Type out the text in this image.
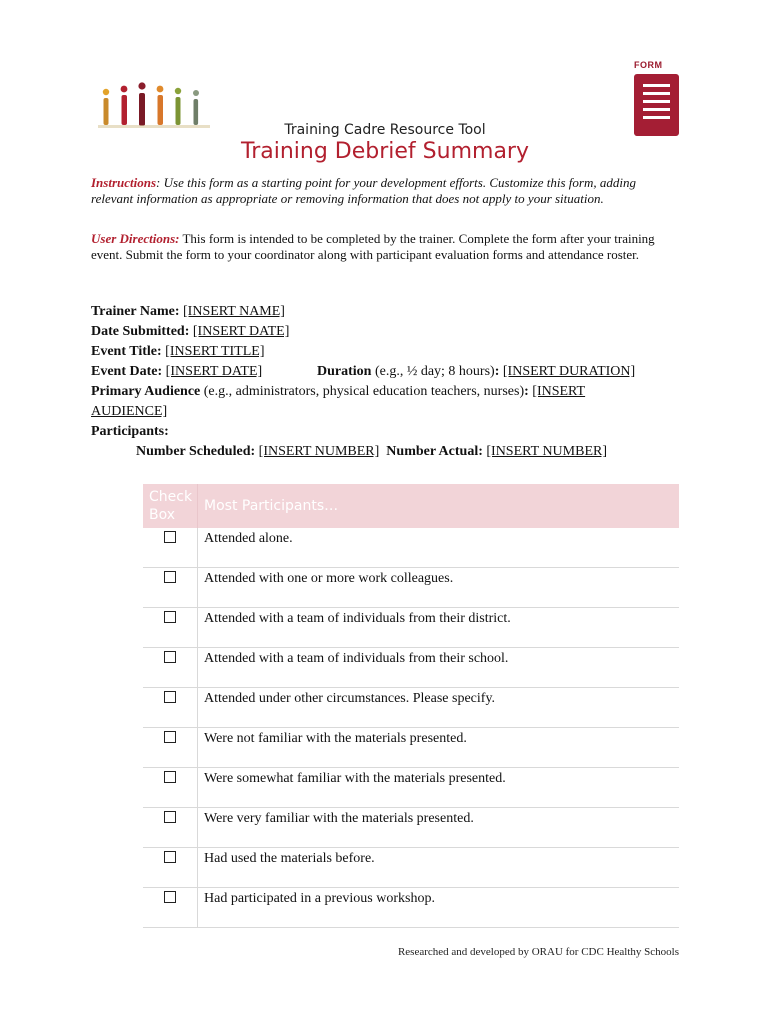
FORM
Training Cadre Resource Tool
Training Debrief Summary
Instructions: Use this form as a starting point for your development efforts. Customize this form, adding relevant information as appropriate or removing information that does not apply to your situation.
User Directions: This form is intended to be completed by the trainer. Complete the form after your training event. Submit the form to your coordinator along with participant evaluation forms and attendance roster.
Trainer Name: [INSERT NAME]
Date Submitted: [INSERT DATE]
Event Title: [INSERT TITLE]
Event Date: [INSERT DATE]	Duration (e.g., ½ day; 8 hours): [INSERT DURATION]
Primary Audience (e.g., administrators, physical education teachers, nurses): [INSERT
AUDIENCE]
Participants:
Number Scheduled: [INSERT NUMBER] Number Actual: [INSERT NUMBER]
Check Box	Most Participants…
	Attended alone.
	Attended with one or more work colleagues.
	Attended with a team of individuals from their district.
	Attended with a team of individuals from their school.
	Attended under other circumstances. Please specify.
	Were not familiar with the materials presented.
	Were somewhat familiar with the materials presented.
	Were very familiar with the materials presented.
	Had used the materials before.
	Had participated in a previous workshop.
Researched and developed by ORAU for CDC Healthy Schools
